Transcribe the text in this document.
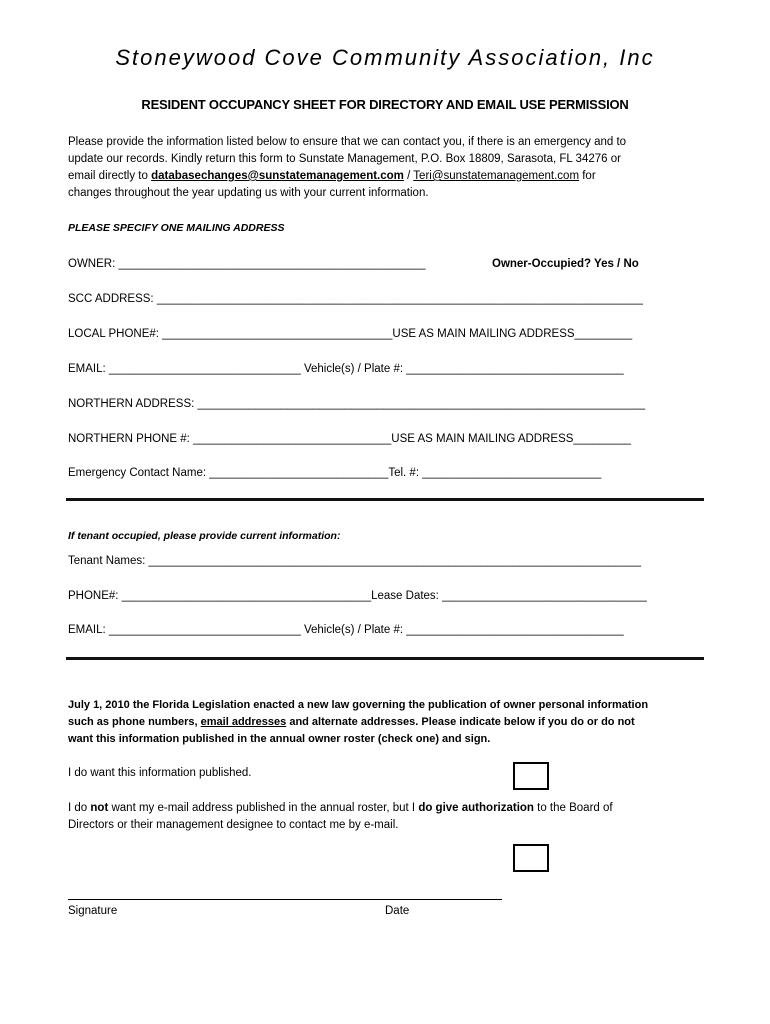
Stoneywood Cove Community Association, Inc
RESIDENT OCCUPANCY SHEET FOR DIRECTORY AND EMAIL USE PERMISSION
Please provide the information listed below to ensure that we can contact you, if there is an emergency and to
update our records. Kindly return this form to Sunstate Management, P.O. Box 18809, Sarasota, FL 34276 or
email directly to databasechanges@sunstatemanagement.com / Teri@sunstatemanagement.com for
changes throughout the year updating us with your current information.
PLEASE SPECIFY ONE MAILING ADDRESS
OWNER: ________________________________________________	Owner-Occupied? Yes / No
SCC ADDRESS: ____________________________________________________________________________
LOCAL PHONE#: ____________________________________USE AS MAIN MAILING ADDRESS_________
EMAIL: ______________________________ Vehicle(s) / Plate #: __________________________________
NORTHERN ADDRESS: ______________________________________________________________________
NORTHERN PHONE #: _______________________________USE AS MAIN MAILING ADDRESS_________
Emergency Contact Name: ____________________________Tel. #: ____________________________
If tenant occupied, please provide current information:
Tenant Names: _____________________________________________________________________________
PHONE#: _______________________________________Lease Dates: ________________________________
EMAIL: ______________________________ Vehicle(s) / Plate #: __________________________________
July 1, 2010 the Florida Legislation enacted a new law governing the publication of owner personal information
such as phone numbers, email addresses and alternate addresses. Please indicate below if you do or do not
want this information published in the annual owner roster (check one) and sign.
I do want this information published.
I do not want my e-mail address published in the annual roster, but I do give authorization to the Board of
Directors or their management designee to contact me by e-mail.
Signature	Date
